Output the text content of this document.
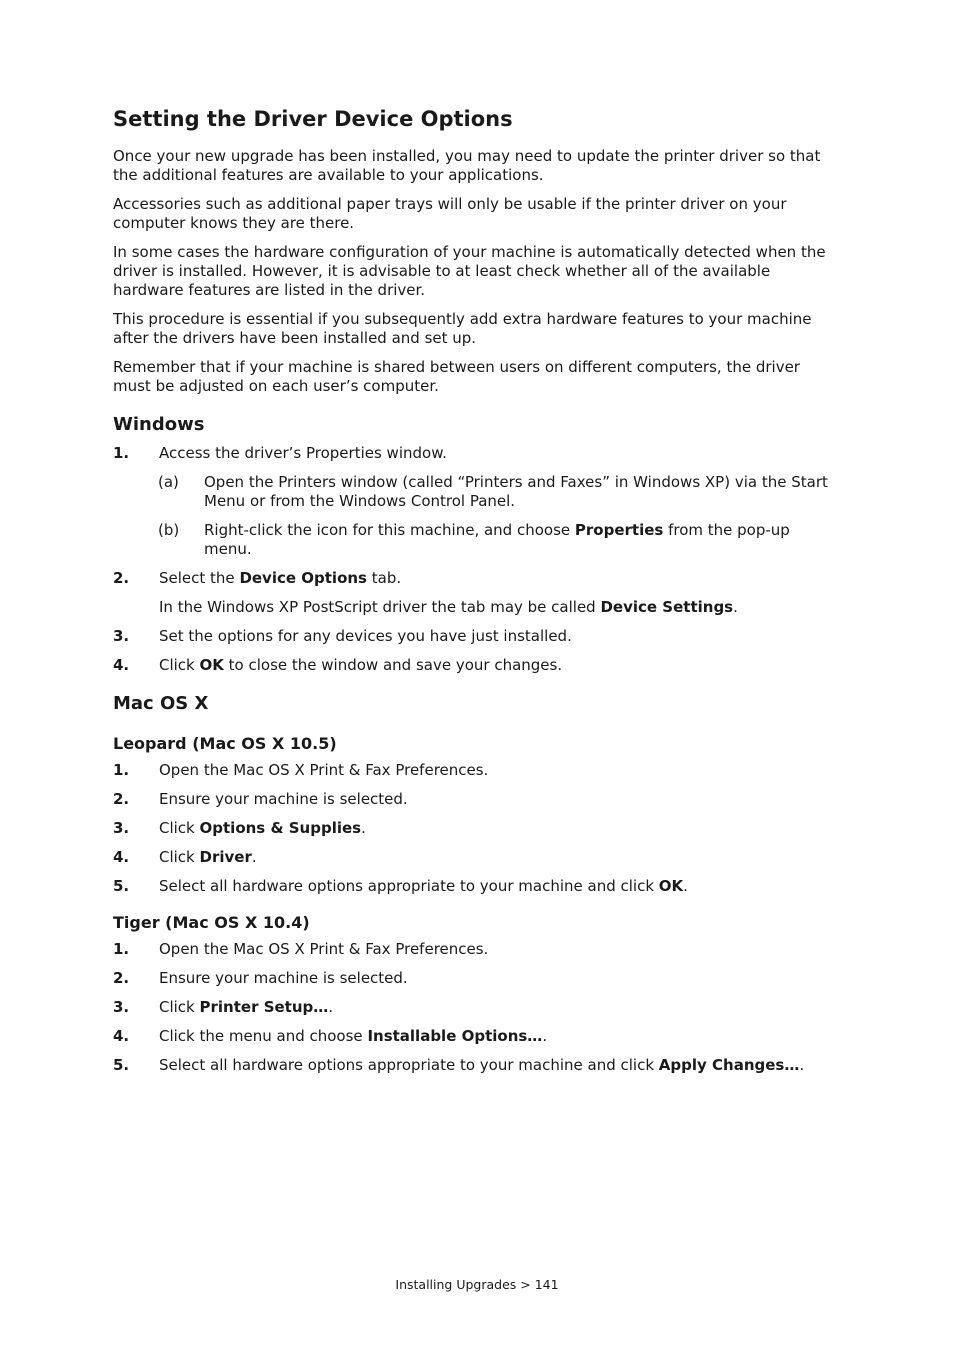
Setting the Driver Device Options

Once your new upgrade has been installed, you may need to update the printer driver so that the additional features are available to your applications.

Accessories such as additional paper trays will only be usable if the printer driver on your computer knows they are there.

In some cases the hardware configuration of your machine is automatically detected when the driver is installed. However, it is advisable to at least check whether all of the available hardware features are listed in the driver.

This procedure is essential if you subsequently add extra hardware features to your machine after the drivers have been installed and set up.

Remember that if your machine is shared between users on different computers, the driver must be adjusted on each user’s computer.

Windows
1.	Access the driver’s Properties window.
(a)	Open the Printers window (called “Printers and Faxes” in Windows XP) via the Start Menu or from the Windows Control Panel.
(b)	Right-click the icon for this machine, and choose Properties from the pop-up menu.
2.	Select the Device Options tab.
In the Windows XP PostScript driver the tab may be called Device Settings.
3.	Set the options for any devices you have just installed.
4.	Click OK to close the window and save your changes.
Mac OS X
Leopard (Mac OS X 10.5)
1.	Open the Mac OS X Print & Fax Preferences.
2.	Ensure your machine is selected.
3.	Click Options & Supplies.
4.	Click Driver.
5.	Select all hardware options appropriate to your machine and click OK.
Tiger (Mac OS X 10.4)
1.	Open the Mac OS X Print & Fax Preferences.
2.	Ensure your machine is selected.
3.	Click Printer Setup….
4.	Click the menu and choose Installable Options….
5.	Select all hardware options appropriate to your machine and click Apply Changes….
Installing Upgrades > 141
